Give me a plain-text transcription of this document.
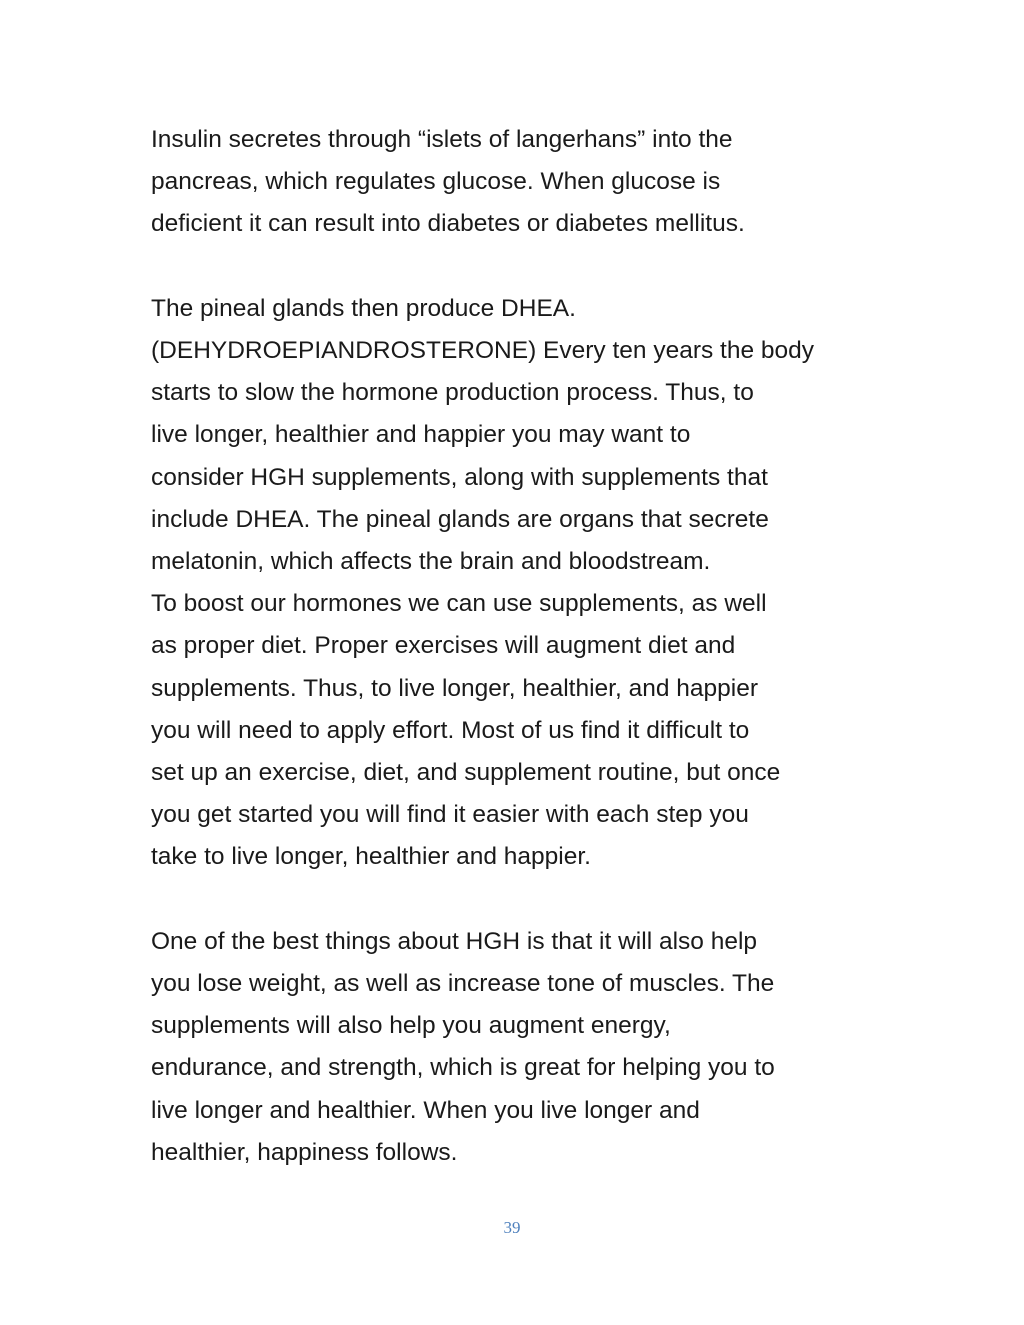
Insulin secretes through “islets of langerhans” into the
pancreas, which regulates glucose. When glucose is
deficient it can result into diabetes or diabetes mellitus.

The pineal glands then produce DHEA.
(DEHYDROEPIANDROSTERONE) Every ten years the body
starts to slow the hormone production process. Thus, to
live longer, healthier and happier you may want to
consider HGH supplements, along with supplements that
include DHEA. The pineal glands are organs that secrete
melatonin, which affects the brain and bloodstream.
To boost our hormones we can use supplements, as well
as proper diet. Proper exercises will augment diet and
supplements. Thus, to live longer, healthier, and happier
you will need to apply effort. Most of us find it difficult to
set up an exercise, diet, and supplement routine, but once
you get started you will find it easier with each step you
take to live longer, healthier and happier.

One of the best things about HGH is that it will also help
you lose weight, as well as increase tone of muscles. The
supplements will also help you augment energy,
endurance, and strength, which is great for helping you to
live longer and healthier. When you live longer and
healthier, happiness follows.

39
